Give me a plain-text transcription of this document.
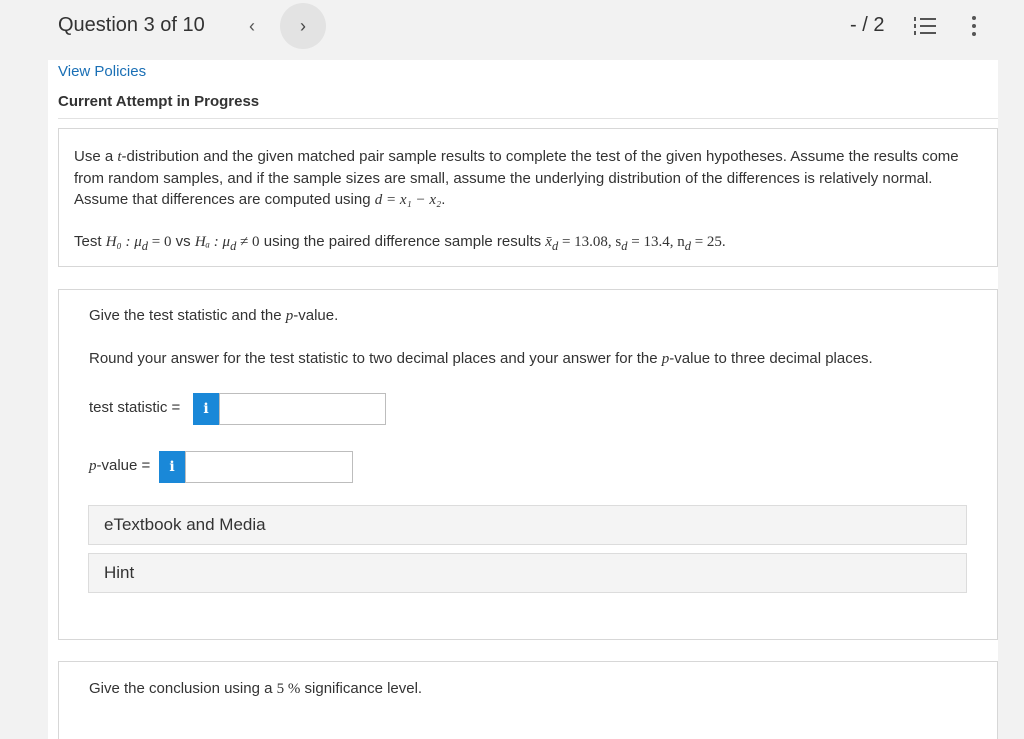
Question 3 of 10	‹	›	- / 2
View Policies
Current Attempt in Progress
Use a t-distribution and the given matched pair sample results to complete the test of the given hypotheses. Assume the results come from random samples, and if the sample sizes are small, assume the underlying distribution of the differences is relatively normal. Assume that differences are computed using d = x₁ − x₂.
Test H₀ : $\mu_d = 0$ vs Hₐ : $\mu_d \ne 0$ using the paired difference sample results $x̄_d = 13.08$, $s_d = 13.4$, $n_d = 25$.
Give the test statistic and the p-value.
Round your answer for the test statistic to two decimal places and your answer for the p-value to three decimal places.
test statistic =	i
p-value =	i
eTextbook and Media
Hint
Give the conclusion using a 5 % significance level.
